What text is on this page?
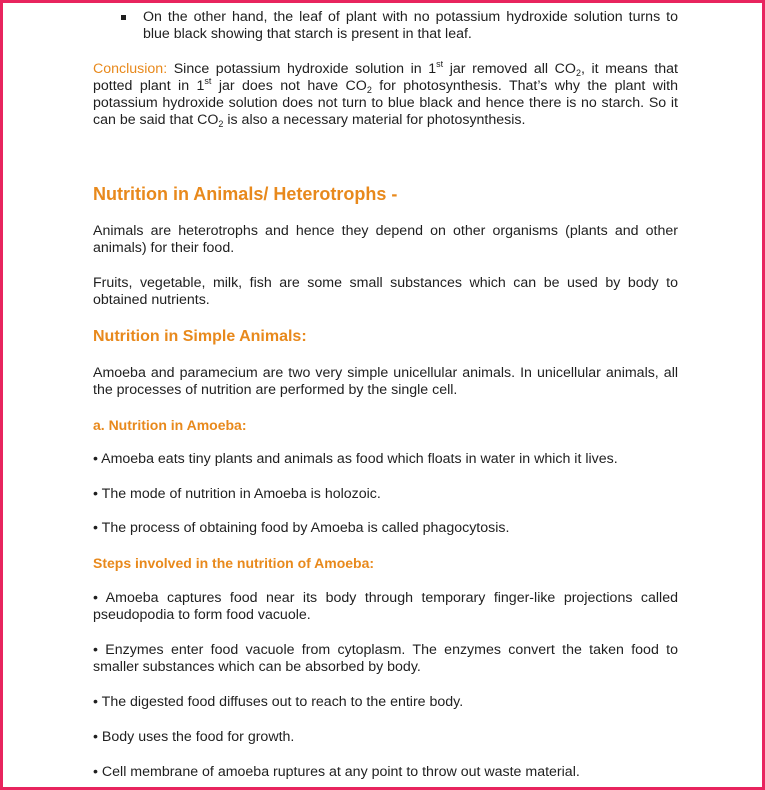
On the other hand, the leaf of plant with no potassium hydroxide solution turns to blue black showing that starch is present in that leaf.

Conclusion: Since potassium hydroxide solution in 1st jar removed all $CO_2$, it means that potted plant in 1st jar does not have $CO_2$ for photosynthesis. That’s why the plant with potassium hydroxide solution does not turn to blue black and hence there is no starch. So it can be said that $CO_2$ is also a necessary material for photosynthesis.

Nutrition in Animals/ Heterotrophs -

Animals are heterotrophs and hence they depend on other organisms (plants and other animals) for their food.

Fruits, vegetable, milk, fish are some small substances which can be used by body to obtained nutrients.

Nutrition in Simple Animals:

Amoeba and paramecium are two very simple unicellular animals. In unicellular animals, all the processes of nutrition are performed by the single cell.

a. Nutrition in Amoeba:

• Amoeba eats tiny plants and animals as food which floats in water in which it lives.

• The mode of nutrition in Amoeba is holozoic.

• The process of obtaining food by Amoeba is called phagocytosis.

Steps involved in the nutrition of Amoeba:

• Amoeba captures food near its body through temporary finger-like projections called pseudopodia to form food vacuole.

• Enzymes enter food vacuole from cytoplasm. The enzymes convert the taken food to smaller substances which can be absorbed by body.

• The digested food diffuses out to reach to the entire body.

• Body uses the food for growth.

• Cell membrane of amoeba ruptures at any point to throw out waste material.
